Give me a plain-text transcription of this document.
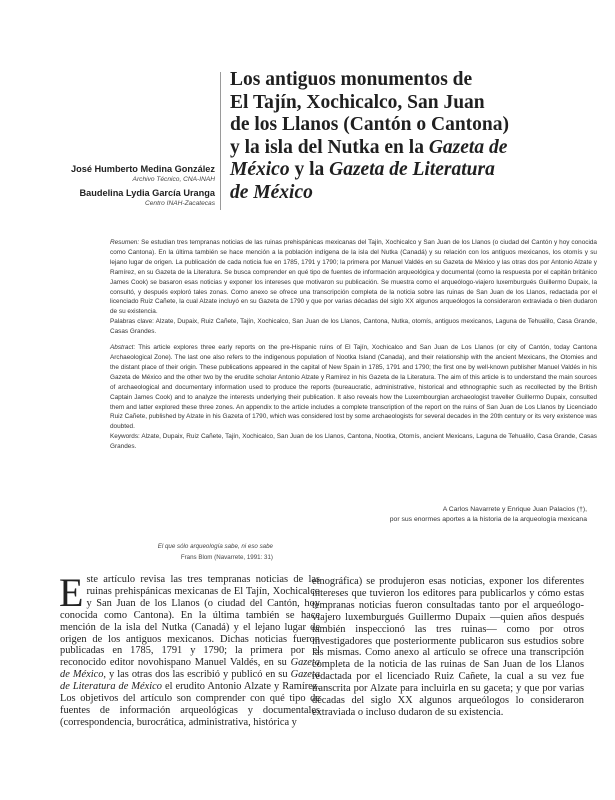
Los antiguos monumentos de
El Tajín, Xochicalco, San Juan
de los Llanos (Cantón o Cantona)
y la isla del Nutka en la Gazeta de
México y la Gazeta de Literatura
de México
José Humberto Medina González
Archivo Técnico, CNA-INAH
Baudelina Lydia García Uranga
Centro INAH-Zacatecas

Resumen: Se estudian tres tempranas noticias de las ruinas prehispánicas mexicanas del Tajín, Xochicalco y San Juan de los Llanos (o ciudad del Cantón y hoy conocida como Cantona). En la última también se hace mención a la población indígena de la isla del Nutka (Canadá) y su relación con los antiguos mexicanos, los otomís y su lejano lugar de origen. La publicación de cada noticia fue en 1785, 1791 y 1790; la primera por Manuel Valdés en su Gazeta de México y las otras dos por Antonio Alzate y Ramírez, en su Gazeta de la Literatura. Se busca comprender en qué tipo de fuentes de información arqueológica y documental (como la respuesta por el capitán británico James Cook) se basaron esas noticias y exponer los intereses que motivaron su publicación. Se muestra como el arqueólogo-viajero luxemburgués Guillermo Dupaix, la consultó, y después exploró tales zonas. Como anexo se ofrece una transcripción completa de la noticia sobre las ruinas de San Juan de los Llanos, redactada por el licenciado Ruiz Cañete, la cual Alzate incluyó en su Gazeta de 1790 y que por varias décadas del siglo XX algunos arqueólogos la consideraron extraviada o bien dudaron de su existencia.

Palabras clave: Alzate, Dupaix, Ruiz Cañete, Tajín, Xochicalco, San Juan de los Llanos, Cantona, Nutka, otomís, antiguos mexicanos, Laguna de Tehualilo, Casa Grande, Casas Grandes.

Abstract: This article explores three early reports on the pre-Hispanic ruins of El Tajín, Xochicalco and San Juan de Los Llanos (or city of Cantón, today Cantona Archaeological Zone). The last one also refers to the indigenous population of Nootka Island (Canada), and their relationship with the ancient Mexicans, the Otomies and the distant place of their origin. These publications appeared in the capital of New Spain in 1785, 1791 and 1790; the first one by well-known publisher Manuel Valdés in his Gazeta de México and the other two by the erudite scholar Antonio Alzate y Ramírez in his Gazeta de la Literatura. The aim of this article is to understand the main sources of archaeological and documentary information used to produce the reports (bureaucratic, administrative, historical and ethnographic such as recollected by the British Captain James Cook) and to analyze the interests underlying their publication. It also reveals how the Luxembourgian archaeologist traveller Guillermo Dupaix, consulted them and latter explored these three zones. An appendix to the article includes a complete transcription of the report on the ruins of San Juan de Los Llanos by Licenciado Ruiz Cañete, published by Alzate in his Gazeta of 1790, which was considered lost by some archaeologists for several decades in the 20th century or its very existence was doubted.

Keywords: Alzate, Dupaix, Ruiz Cañete, Tajín, Xochicalco, San Juan de los Llanos, Cantona, Nootka, Otomís, ancient Mexicans, Laguna de Tehualilo, Casa Grande, Casas Grandes.

A Carlos Navarrete y Enrique Juan Palacios (†),
por sus enormes aportes a la historia de la arqueología mexicana
El que sólo arqueología sabe, ni eso sabe
Frans Blom (Navarrete, 1991: 31)

Este artículo revisa las tres tempranas noticias de las ruinas prehispánicas mexicanas de El Tajín, Xochicalco y San Juan de los Llanos (o ciudad del Cantón, hoy conocida como Cantona). En la última también se hace mención de la isla del Nutka (Canadá) y el lejano lugar de origen de los antiguos mexicanos. Dichas noticias fueron publicadas en 1785, 1791 y 1790; la primera por el reconocido editor novohispano Manuel Valdés, en su Gazeta de México, y las otras dos las escribió y publicó en su Gazeta de Literatura de México el erudito Antonio Alzate y Ramírez. Los objetivos del artículo son comprender con qué tipo de fuentes de información arqueológicas y documentales (correspondencia, burocrática, administrativa, histórica y

etnográfica) se produjeron esas noticias, exponer los diferentes intereses que tuvieron los editores para publicarlos y cómo estas tempranas noticias fueron consultadas tanto por el arqueólogo-viajero luxemburgués Guillermo Dupaix —quien años después también inspeccionó las tres ruinas— como por otros investigadores que posteriormente publicaron sus estudios sobre las mismas. Como anexo al artículo se ofrece una transcripción completa de la noticia de las ruinas de San Juan de los Llanos redactada por el licenciado Ruiz Cañete, la cual a su vez fue transcrita por Alzate para incluirla en su gaceta; y que por varias décadas del siglo XX algunos arqueólogos lo consideraron extraviada o incluso dudaron de su existencia.
